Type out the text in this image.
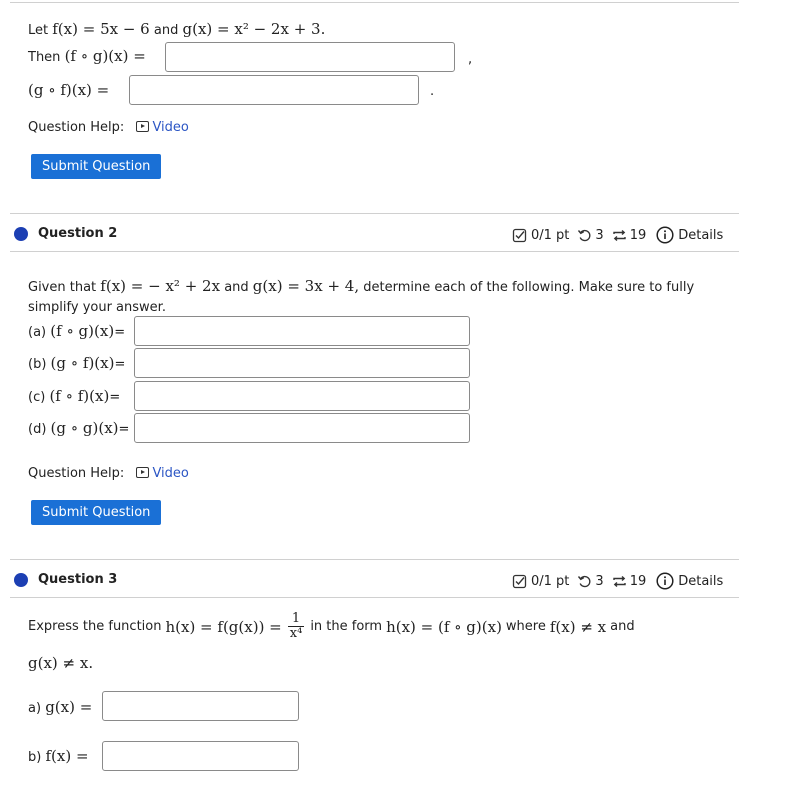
Let f(x) = 5x − 6 and g(x) = x² − 2x + 3.
Then (f ∘ g)(x) =	,
(g ∘ f)(x) =	.
Question Help: Video
Submit Question
Question 2	0/1 pt 3 19 Details
Given that f(x) = − x² + 2x and g(x) = 3x + 4, determine each of the following. Make sure to fully
simplify your answer.
(a) (f ∘ g)(x)=
(b) (g ∘ f)(x)=
(c) (f ∘ f)(x)=
(d) (g ∘ g)(x)=
Question Help: Video
Submit Question
Question 3	0/1 pt 3 19 Details
Express the function $h(x) = f(g(x)) = \frac{1}{\text{x⁴}}$ in the form h(x) = (f ∘ g)(x) where f(x) ≠ x and
g(x) ≠ x.
a) g(x) =
b) f(x) =
